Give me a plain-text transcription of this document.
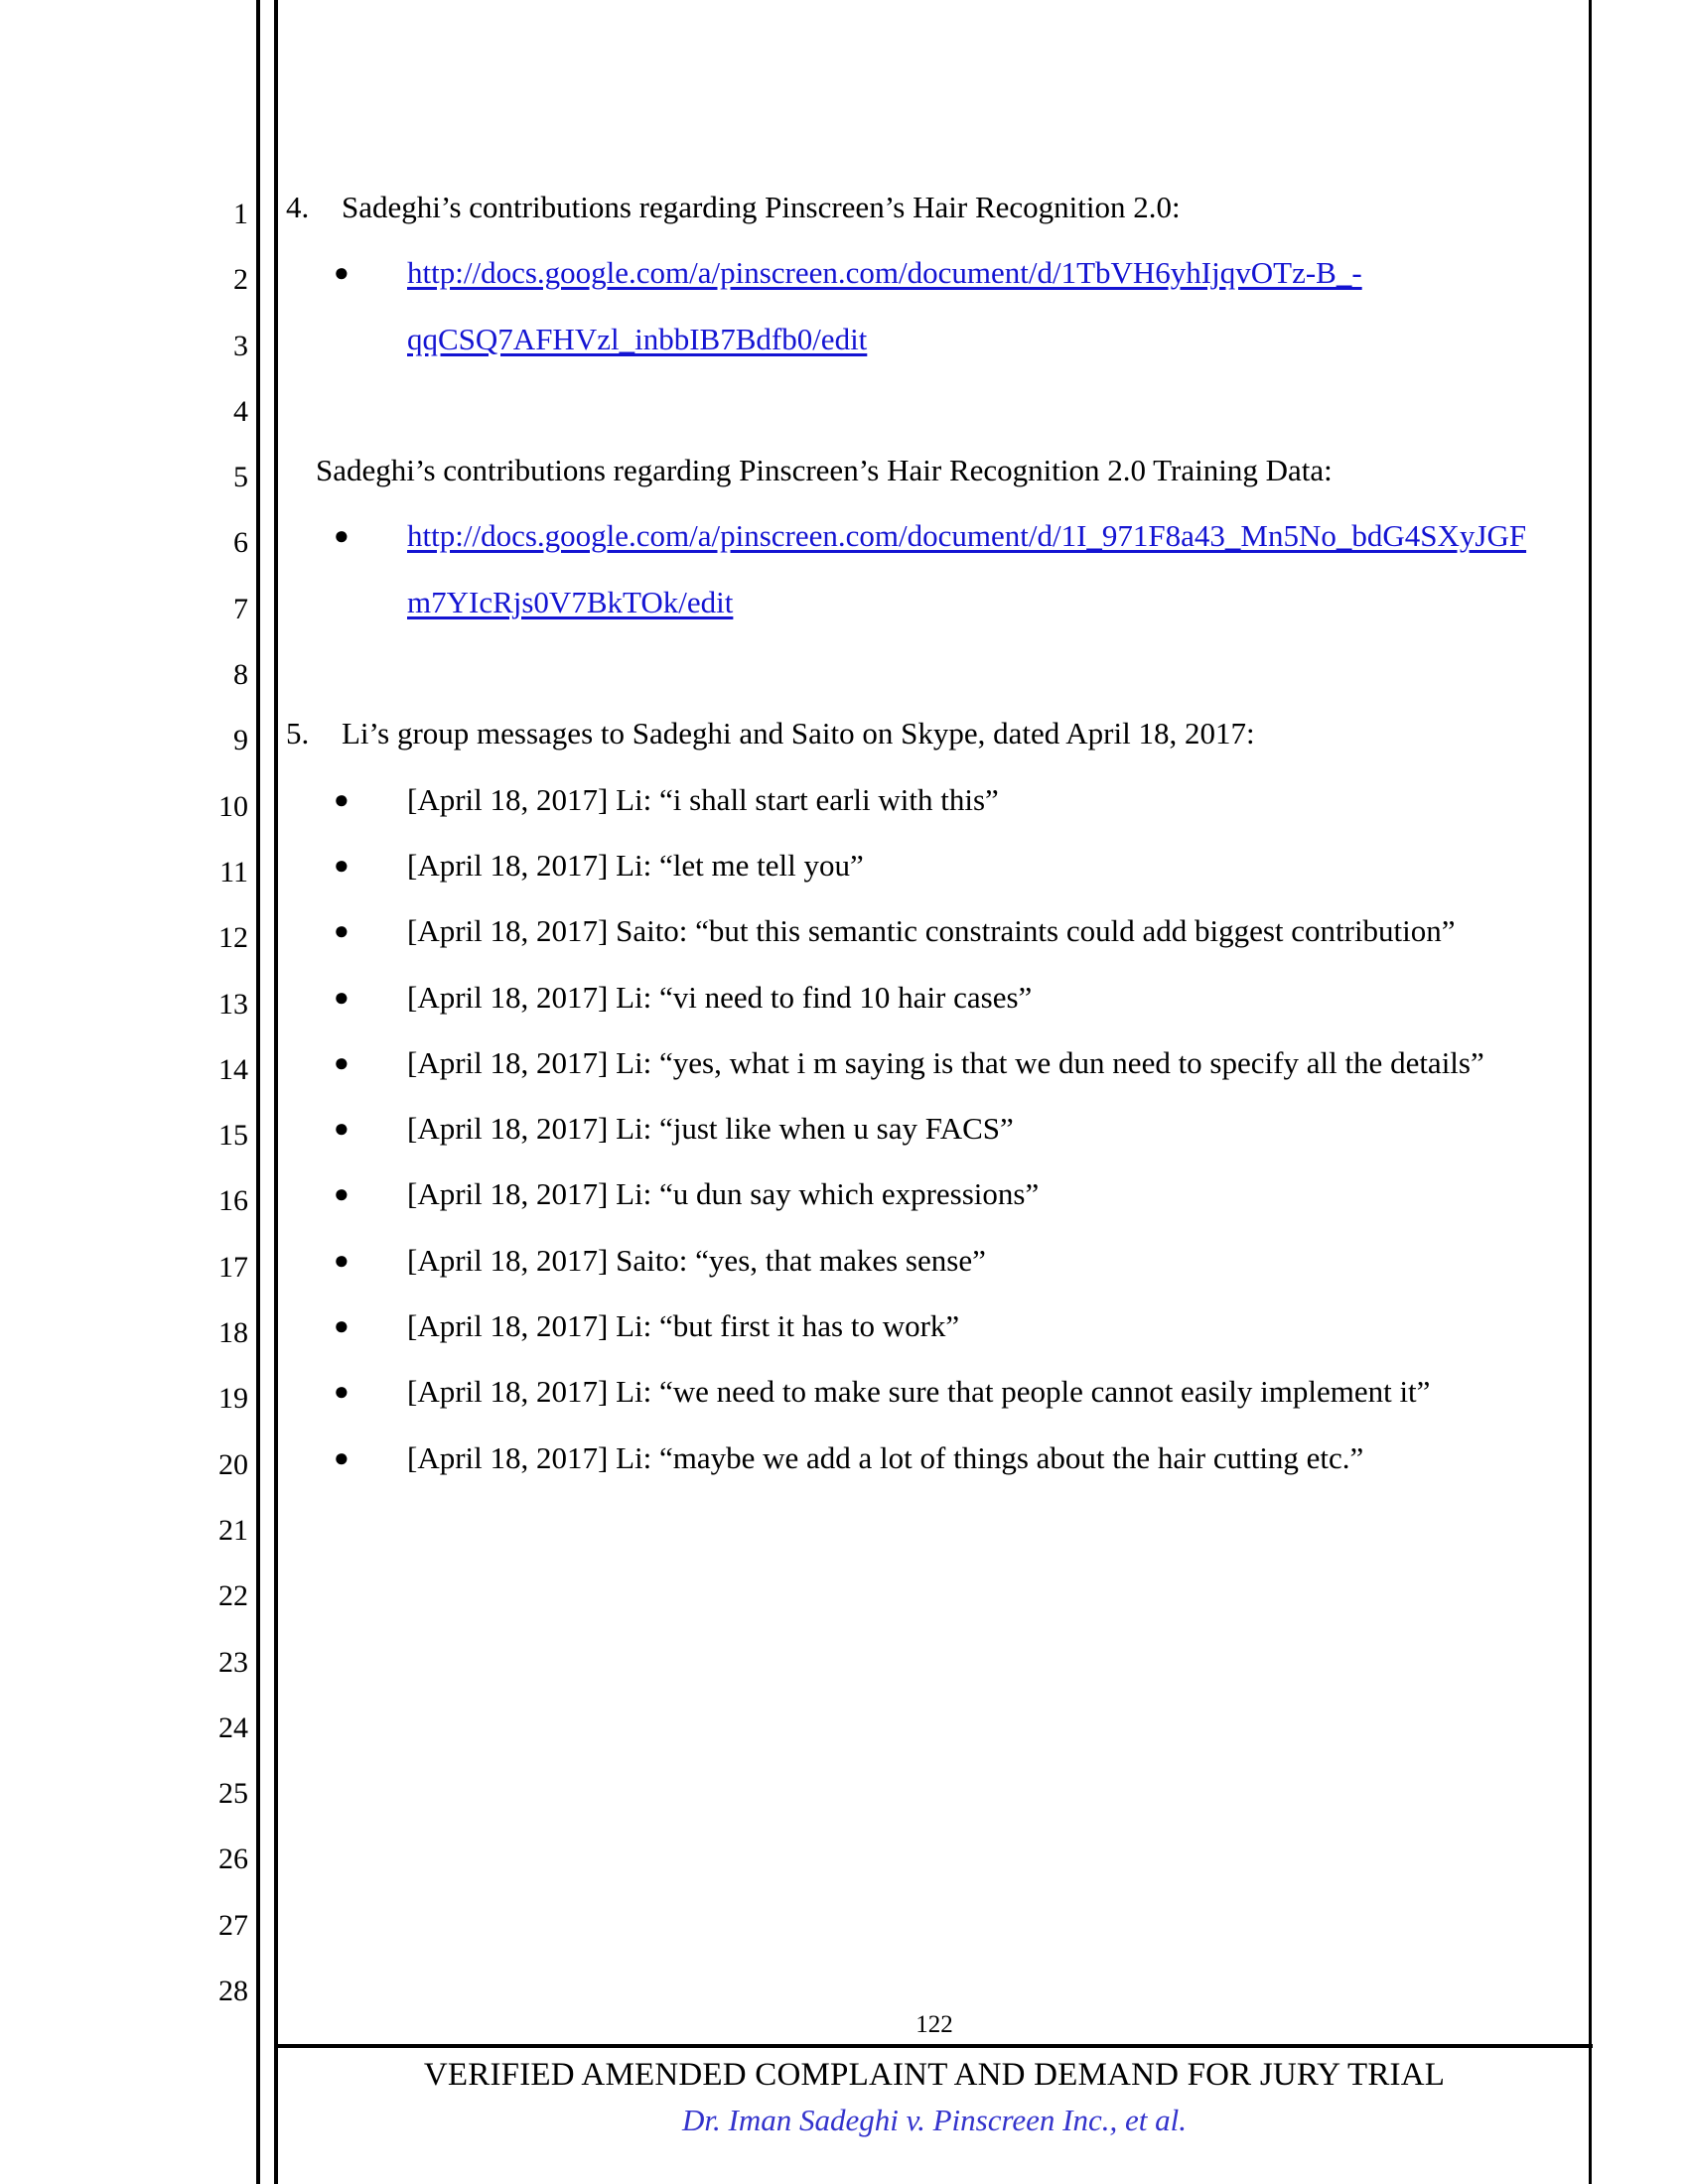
1
2
3
4
5
6
7
8
9
10
11
12
13
14
15
16
17
18
19
20
21
22
23
24
25
26
27
28
4. Sadeghi’s contributions regarding Pinscreen’s Hair Recognition 2.0:
● http://docs.google.com/a/pinscreen.com/document/d/1TbVH6yhIjqvOTz-B_-
qqCSQ7AFHVzl_inbbIB7Bdfb0/edit
Sadeghi’s contributions regarding Pinscreen’s Hair Recognition 2.0 Training Data:
● http://docs.google.com/a/pinscreen.com/document/d/1I_971F8a43_Mn5No_bdG4SXyJGF
m7YIcRjs0V7BkTOk/edit
5. Li’s group messages to Sadeghi and Saito on Skype, dated April 18, 2017:
● [April 18, 2017] Li: “i shall start earli with this”
● [April 18, 2017] Li: “let me tell you”
● [April 18, 2017] Saito: “but this semantic constraints could add biggest contribution”
● [April 18, 2017] Li: “vi need to find 10 hair cases”
● [April 18, 2017] Li: “yes, what i m saying is that we dun need to specify all the details”
● [April 18, 2017] Li: “just like when u say FACS”
● [April 18, 2017] Li: “u dun say which expressions”
● [April 18, 2017] Saito: “yes, that makes sense”
● [April 18, 2017] Li: “but first it has to work”
● [April 18, 2017] Li: “we need to make sure that people cannot easily implement it”
● [April 18, 2017] Li: “maybe we add a lot of things about the hair cutting etc.”
122
VERIFIED AMENDED COMPLAINT AND DEMAND FOR JURY TRIAL
Dr. Iman Sadeghi v. Pinscreen Inc., et al.
